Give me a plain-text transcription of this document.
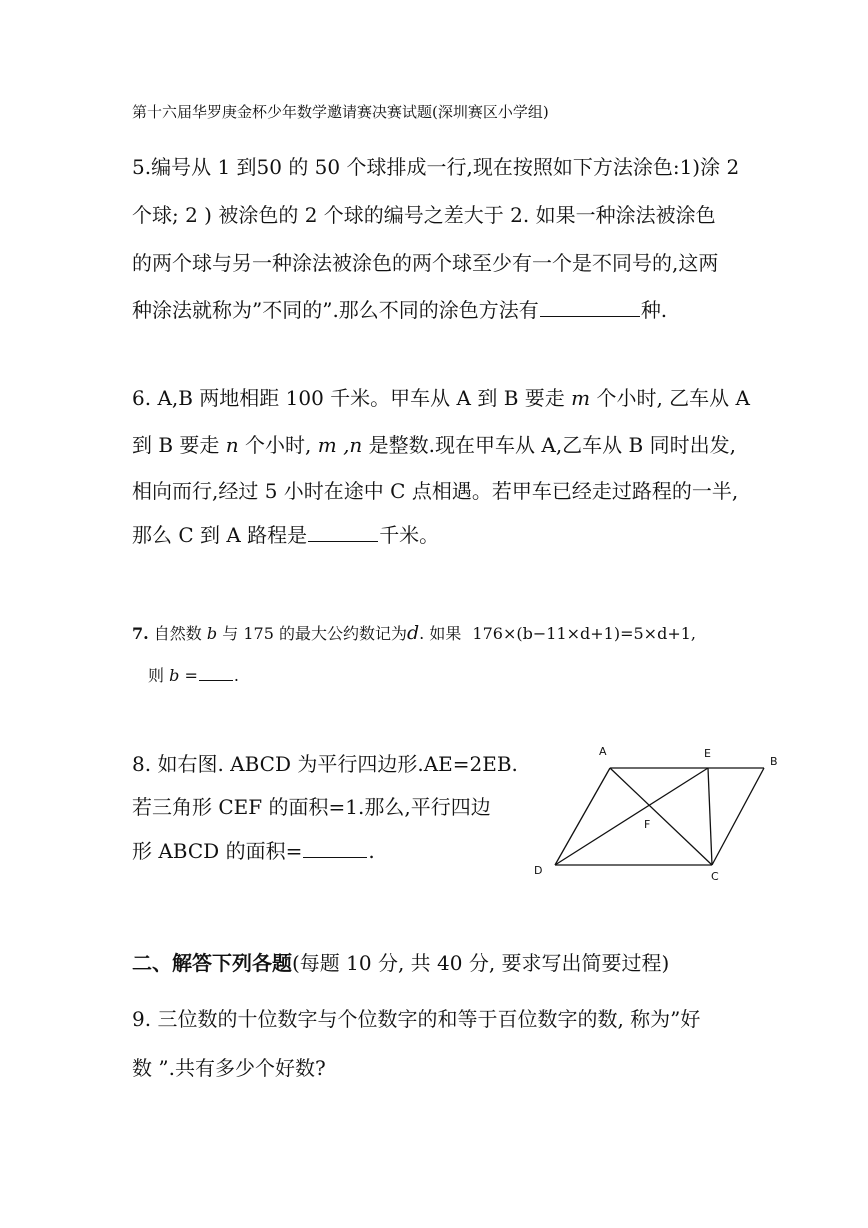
第十六届华罗庚金杯少年数学邀请赛决赛试题(深圳赛区小学组)
5.编号从 1 到50 的 50 个球排成一行,现在按照如下方法涂色:1)涂 2
个球; 2 ) 被涂色的 2 个球的编号之差大于 2. 如果一种涂法被涂色
的两个球与另一种涂法被涂色的两个球至少有一个是不同号的,这两
种涂法就称为”不同的”.那么不同的涂色方法有	种.
6. A,B 两地相距 100 千米。甲车从 A 到 B 要走 m 个小时, 乙车从 A
到 B 要走 n 个小时, m ,n 是整数.现在甲车从 A,乙车从 B 同时出发,
相向而行,经过 5 小时在途中 C 点相遇。若甲车已经走过路程的一半,
那么 C 到 A 路程是	千米。
7. 自然数 b 与 175 的最大公约数记为d. 如果 176×(b−11×d+1)=5×d+1,
则 b = .
8. 如右图. ABCD 为平行四边形.AE=2EB.
若三角形 CEF 的面积=1.那么,平行四边
形 ABCD 的面积=	.
A	E
B
F
D	C
二、解答下列各题(每题 10 分, 共 40 分, 要求写出简要过程)
9. 三位数的十位数字与个位数字的和等于百位数字的数, 称为”好
数 ”.共有多少个好数?
